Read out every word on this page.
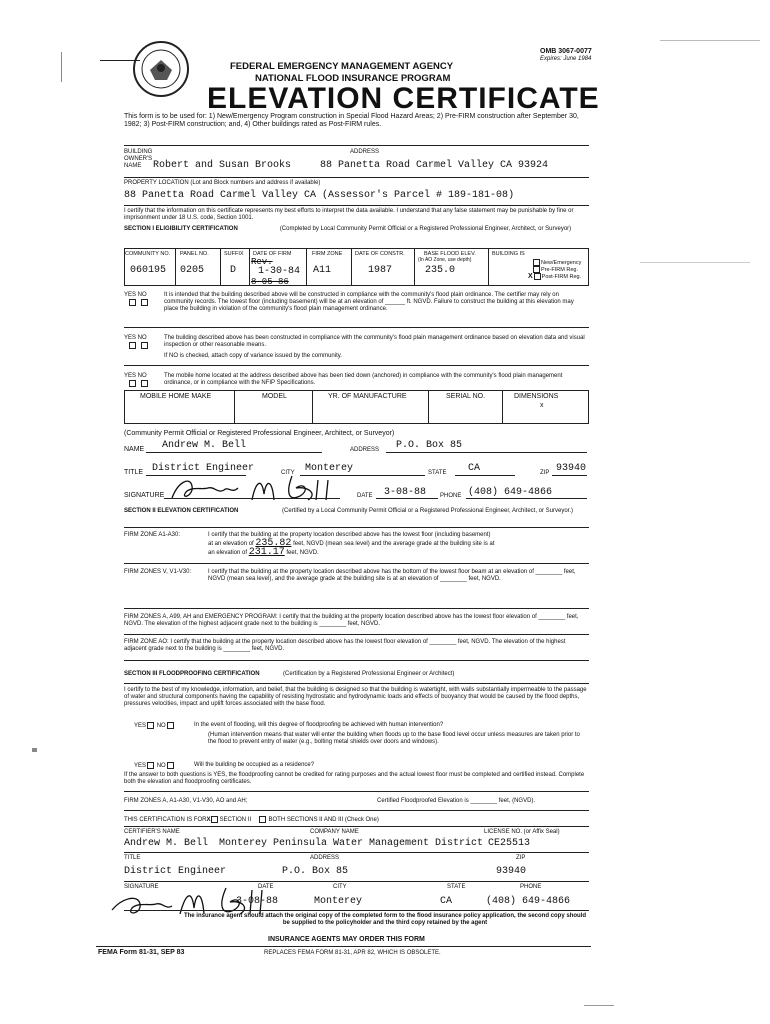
OMB 3067-0077
Expires: June 1984
FEDERAL EMERGENCY MANAGEMENT AGENCY
NATIONAL FLOOD INSURANCE PROGRAM
ELEVATION CERTIFICATE
This form is to be used for: 1) New/Emergency Program construction in Special Flood Hazard Areas; 2) Pre-FIRM construction after September 30, 1982; 3) Post-FIRM construction; and, 4) Other buildings rated as Post-FIRM rules.
BUILDING OWNER'S NAME	Robert and Susan Brooks
ADDRESS
88 Panetta Road Carmel Valley CA 93924
PROPERTY LOCATION (Lot and Block numbers and address if available)
88 Panetta Road Carmel Valley CA (Assessor's Parcel # 189-181-08)
I certify that the information on this certificate represents my best efforts to interpret the data available. I understand that any false statement may be punishable by fine or imprisonment under 18 U.S. code, Section 1001.
SECTION I ELIGIBILITY CERTIFICATION	(Completed by Local Community Permit Official or a Registered Professional Engineer, Architect, or Surveyor)
COMMUNITY NO. PANEL NO.	SUFFIX DATE OF FIRM	FIRM ZONE DATE OF CONSTR.	BASE FLOOD ELEV.
(In AO Zone, use depth)
BUILDING IS
060195 0205	D
Rev.
1-30-84
8-05-86
A11	1987	235.0
New/Emergency
Pre-FIRM Reg.
X Post-FIRM Reg.
YES NO
	It is intended that the building described above will be constructed in compliance with the community's flood plain ordinance. The certifier may rely on community records. The lowest floor (including basement) will be at an elevation of ______ ft. NGVD. Failure to construct the building at this elevation may place the building in violation of the community's flood plain management ordinance.
YES NO
	The building described above has been constructed in compliance with the community's flood plain management ordinance based on elevation data and visual inspection or other reasonable means.
If NO is checked, attach copy of variance issued by the community.
YES NO
	The mobile home located at the address described above has been tied down (anchored) in compliance with the community's flood plain management ordinance, or in compliance with the NFIP Specifications.
MOBILE HOME MAKE	MODEL	YR. OF MANUFACTURE	SERIAL NO.	DIMENSIONS
x
(Community Permit Official or Registered Professional Engineer, Architect, or Surveyor)
NAME Andrew M. Bell	ADDRESS P.O. Box 85
TITLE District Engineer	CITY Monterey	STATE CA	ZIP 93940
SIGNATURE	DATE 3-08-88 PHONE (408) 649-4866
SECTION II ELEVATION CERTIFICATION	(Certified by a Local Community Permit Official or a Registered Professional Engineer, Architect, or Surveyor.)
FIRM ZONE A1-A30:	I certify that the building at the property location described above has the lowest floor (including basement)
at an elevation of 235.82 feet, NGVD (mean sea level) and the average grade at the building site is at
an elevation of 231.17 feet, NGVD.
FIRM ZONES V, V1-V30:	I certify that the building at the property location described above has the bottom of the lowest floor beam at an elevation of ________ feet, NGVD (mean sea level), and the average grade at the building site is at an elevation of ________ feet, NGVD.
FIRM ZONES A, A99, AH and EMERGENCY PROGRAM: I certify that the building at the property location described above has the lowest floor elevation of ________ feet, NGVD. The elevation of the highest adjacent grade next to the building is ________ feet, NGVD.
FIRM ZONE AO: I certify that the building at the property location described above has the lowest floor elevation of ________ feet, NGVD. The elevation of the highest adjacent grade next to the building is ________ feet, NGVD.
SECTION III FLOODPROOFING CERTIFICATION	(Certification by a Registered Professional Engineer or Architect)
I certify to the best of my knowledge, information, and belief, that the building is designed so that the building is watertight, with walls substantially impermeable to the passage of water and structural components having the capability of resisting hydrostatic and hydrodynamic loads and effects of buoyancy that would be caused by the flood depths, pressures velocities, impact and uplift forces associated with the base flood.
YES NO	In the event of flooding, will this degree of floodproofing be achieved with human intervention?
(Human intervention means that water will enter the building when floods up to the base flood level occur unless measures are taken prior to the flood to prevent entry of water (e.g., bolting metal shields over doors and windows).
YES NO	Will the building be occupied as a residence?
If the answer to both questions is YES, the floodproofing cannot be credited for rating purposes and the actual lowest floor must be completed and certified instead. Complete both the elevation and floodproofing certificates.
FIRM ZONES A, A1-A30, V1-V30, AO and AH;	Certified Floodproofed Elevation is ________ feet, (NGVD).
THIS CERTIFICATION IS FORX SECTION II	BOTH SECTIONS II AND III (Check One)
CERTIFIER'S NAME
Andrew M. Bell
COMPANY NAME
Monterey Peninsula Water Management District
LICENSE NO. (or Affix Seal)
CE25513
TITLE
District Engineer
ADDRESS
P.O. Box 85
ZIP
93940
SIGNATURE	DATE
3-08-88
CITY
Monterey
STATE
CA
PHONE
(408) 649-4866
The insurance agent should attach the original copy of the completed form to the flood insurance policy application, the second copy should be supplied to the policyholder and the third copy retained by the agent
INSURANCE AGENTS MAY ORDER THIS FORM
FEMA Form 81-31, SEP 83	REPLACES FEMA FORM 81-31, APR 82, WHICH IS OBSOLETE.
